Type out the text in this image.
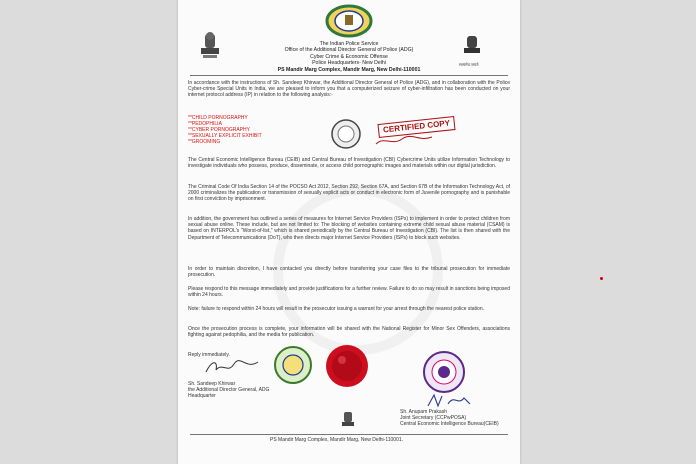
सत्यमेव जयते
The Indian Police Service
Office of the Additional Director General of Police (ADG)
Cyber Crime & Economic Offense
Police Headquarters- New Delhi
PS Mandir Marg Complex, Mandir Marg, New Delhi-110001

In accordance with the instructions of Sh. Sandeep Khirwar, the Additional Director General of Police (ADG), and in collaboration with the Police Cyber-crime Special Units in India, we are pleased to inform you that a computerized seizure of cyber-infiltration has been conducted on your internet protocol address (IP) in relation to the following analysis:-

**CHILD PORNOGRAPHY
**PEDOPHILIA
**CYBER PORNOGRAPHY
**SEXUALLY EXPLICIT EXHIBIT
**GROOMING
CERTIFIED COPY

The Central Economic Intelligence Bureau (CEIB) and Central Bureau of Investigation (CBI) Cybercrime Units utilize Information Technology to investigate individuals who possess, produce, disseminate, or access child pornographic images and materials within our digital jurisdiction.

The Criminal Code Of India Section 14 of the POCSO Act 2012, Section 292, Section 67A, and Section 67B of the Information Technology Act, of 2000 criminalizes the publication or transmission of sexually explicit acts or conduct in electronic form of Juvenile pornography and is punishable on first conviction by imprisonment.

In addition, the government has outlined a series of measures for Internet Service Providers (ISPs) to implement in order to protect children from sexual abuse online. These include, but are not limited to: The blocking of websites containing extreme child sexual abuse material (CSAM) is based on INTERPOL's "Worst-of-list," which is shared periodically by the Central Bureau of Investigation (CBI). The list is then shared with the Department of Telecommunications (DoT), who then directs major Internet Service Providers (ISPs) to block such websites.

In order to maintain discretion, I have contacted you directly before transferring your case files to the tribunal prosecution for immediate prosecution.

Please respond to this message immediately and provide justifications for a further review. Failure to do so may result in sanctions being imposed within 24 hours.

Note: failure to respond within 24 hours will result in the prosecutor issuing a warrant for your arrest through the nearest police station.

Once the prosecution process is complete, your information will be shared with the National Register for Minor Sex Offenders, associations fighting against pedophilia, and the media for publication.

Reply immediately.
Sh. Sandeep Khirwar
the Additional Director General, ADG
Headquarter
Sh. Anupam Prakash
Joint Secretary (CCPwPOSA)
Central Economic Intelligence Bureau(CEIB)
PS Mandir Marg Complex, Mandir Marg, New Delhi-110001.
